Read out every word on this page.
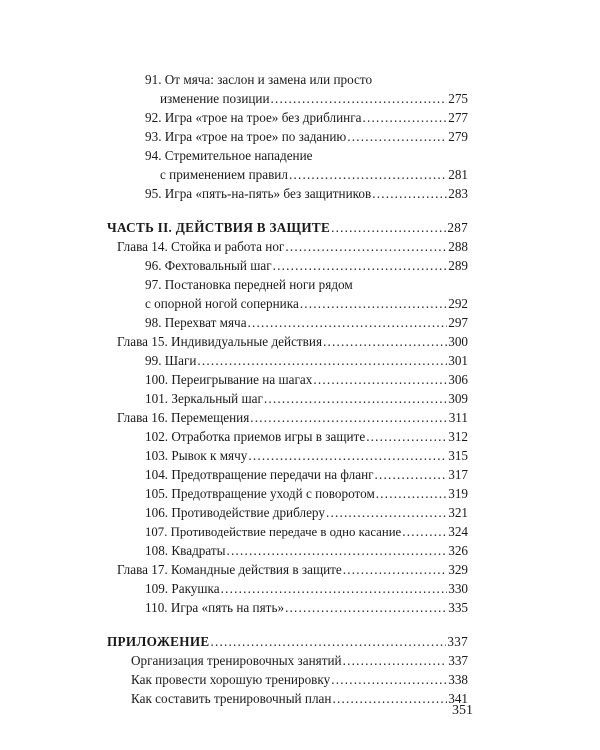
91. От мяча: заслон и замена или просто
изменение позиции .....	275
92. Игра «трое на трое» без дриблинга .....	277
93. Игра «трое на трое» по заданию .....	279
94. Стремительное нападение
с применением правил .....	281
95. Игра «пять-на-пять» без защитников .....	283
ЧАСТЬ II. ДЕЙСТВИЯ В ЗАЩИТЕ .....	287
Глава 14. Стойка и работа ног .....	288
96. Фехтовальный шаг .....	289
97. Постановка передней ноги рядом
с опорной ногой соперника .....	292
98. Перехват мяча .....	297
Глава 15. Индивидуальные действия .....	300
99. Шаги .....	301
100. Переигрывание на шагах .....	306
101. Зеркальный шаг .....	309
Глава 16. Перемещения .....	311
102. Отработка приемов игры в защите .....	312
103. Рывок к мячу .....	315
104. Предотвращение передачи на фланг .....	317
105. Предотвращение уходй с поворотом .....	319
106. Противодействие дриблеру .....	321
107. Противодействие передаче в одно касание .....	324
108. Квадраты .....	326
Глава 17. Командные действия в защите .....	329
109. Ракушка .....	330
110. Игра «пять на пять» .....	335
ПРИЛОЖЕНИЕ .....	337
Организация тренировочных занятий .....	337
Как провести хорошую тренировку .....	338
Как составить тренировочный план .....	341
351
